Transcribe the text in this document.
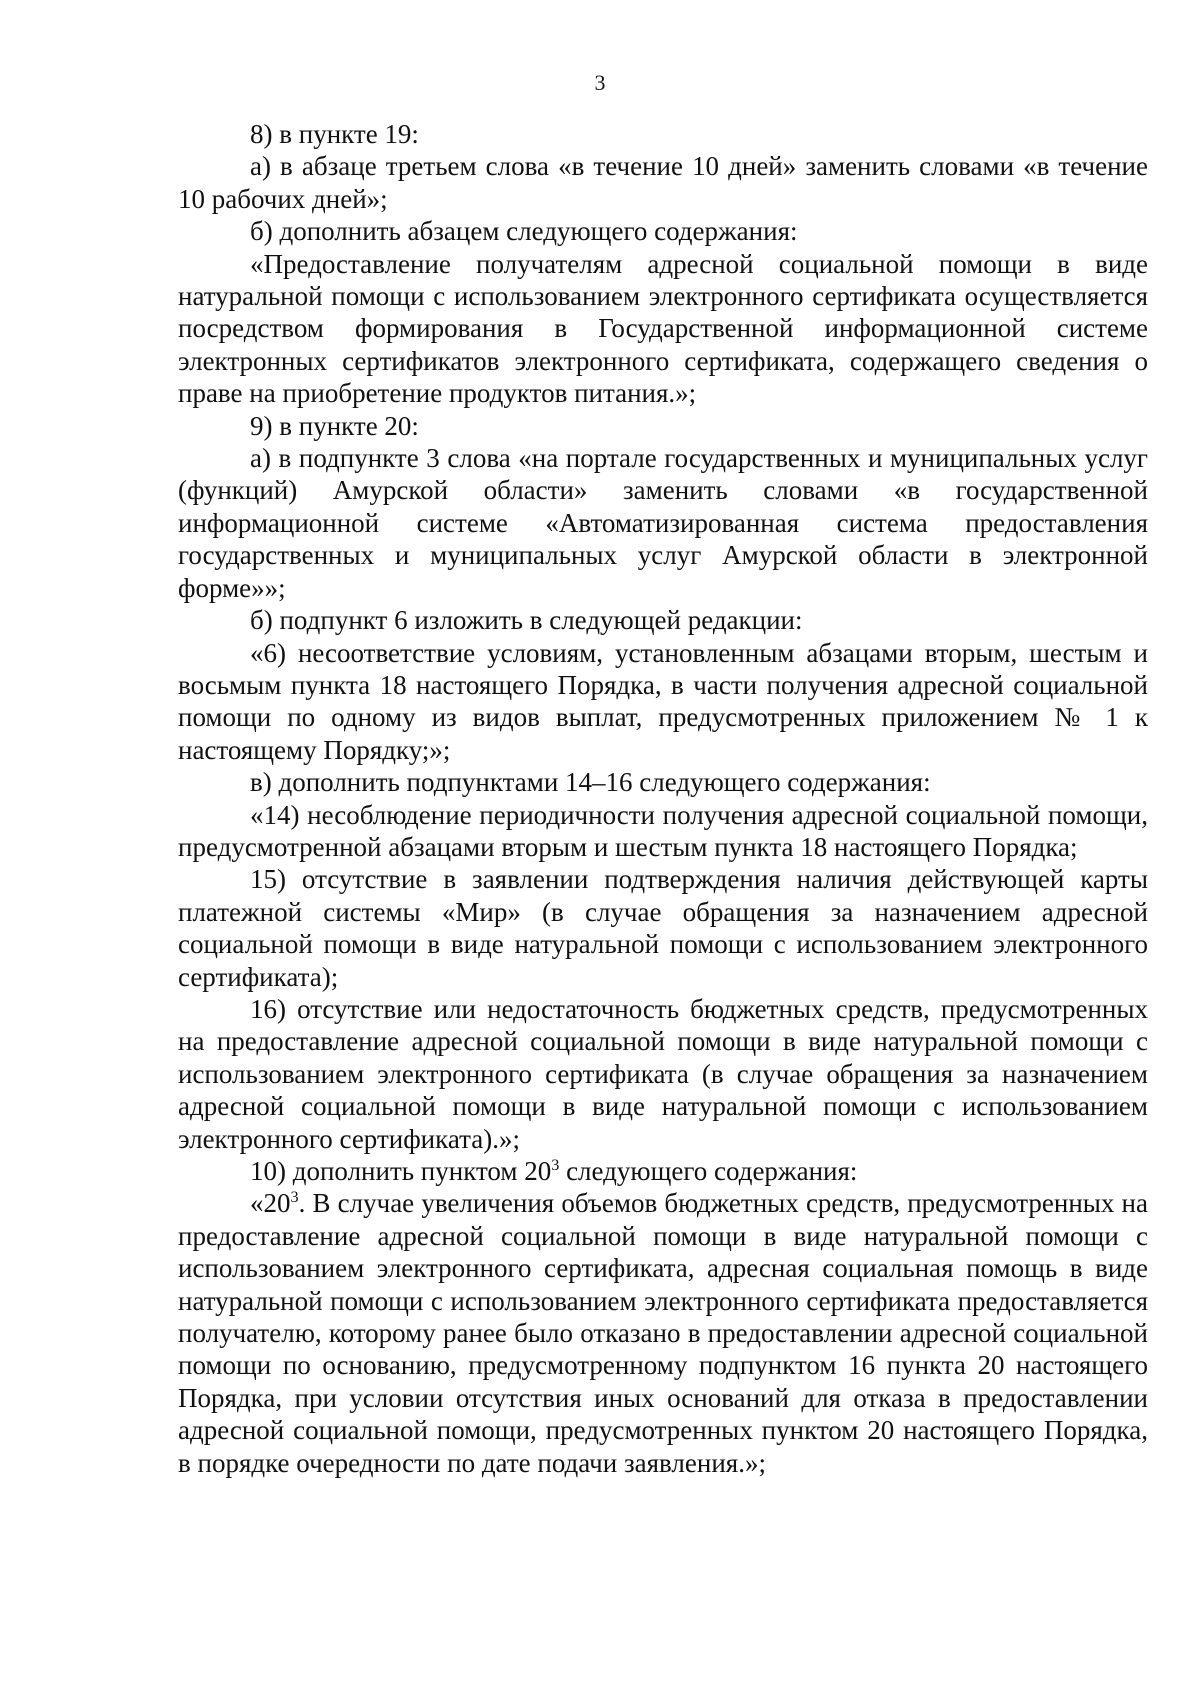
3

8) в пункте 19:

а) в абзаце третьем слова «в течение 10 дней» заменить словами «в течение 10 рабочих дней»;

б) дополнить абзацем следующего содержания:

«Предоставление получателям адресной социальной помощи в виде натуральной помощи с использованием электронного сертификата осуществляется посредством формирования в Государственной информационной системе электронных сертификатов электронного сертификата, содержащего сведения о праве на приобретение продуктов питания.»;

9) в пункте 20:

а) в подпункте 3 слова «на портале государственных и муниципальных услуг (функций) Амурской области» заменить словами «в государственной информационной системе «Автоматизированная система предоставления государственных и муниципальных услуг Амурской области в электронной форме»»;

б) подпункт 6 изложить в следующей редакции:

«6) несоответствие условиям, установленным абзацами вторым, шестым и восьмым пункта 18 настоящего Порядка, в части получения адресной социальной помощи по одному из видов выплат, предусмотренных приложением № 1 к настоящему Порядку;»;

в) дополнить подпунктами 14–16 следующего содержания:

«14) несоблюдение периодичности получения адресной социальной помощи, предусмотренной абзацами вторым и шестым пункта 18 настоящего Порядка;

15) отсутствие в заявлении подтверждения наличия действующей карты платежной системы «Мир» (в случае обращения за назначением адресной социальной помощи в виде натуральной помощи с использованием электронного сертификата);

16) отсутствие или недостаточность бюджетных средств, предусмотренных на предоставление адресной социальной помощи в виде натуральной помощи с использованием электронного сертификата (в случае обращения за назначением адресной социальной помощи в виде натуральной помощи с использованием электронного сертификата).»;

10) дополнить пунктом $20^3$ следующего содержания:

«$20^3$. В случае увеличения объемов бюджетных средств, предусмотренных на предоставление адресной социальной помощи в виде натуральной помощи с использованием электронного сертификата, адресная социальная помощь в виде натуральной помощи с использованием электронного сертификата предоставляется получателю, которому ранее было отказано в предоставлении адресной социальной помощи по основанию, предусмотренному подпунктом 16 пункта 20 настоящего Порядка, при условии отсутствия иных оснований для отказа в предоставлении адресной социальной помощи, предусмотренных пунктом 20 настоящего Порядка, в порядке очередности по дате подачи заявления.»;
